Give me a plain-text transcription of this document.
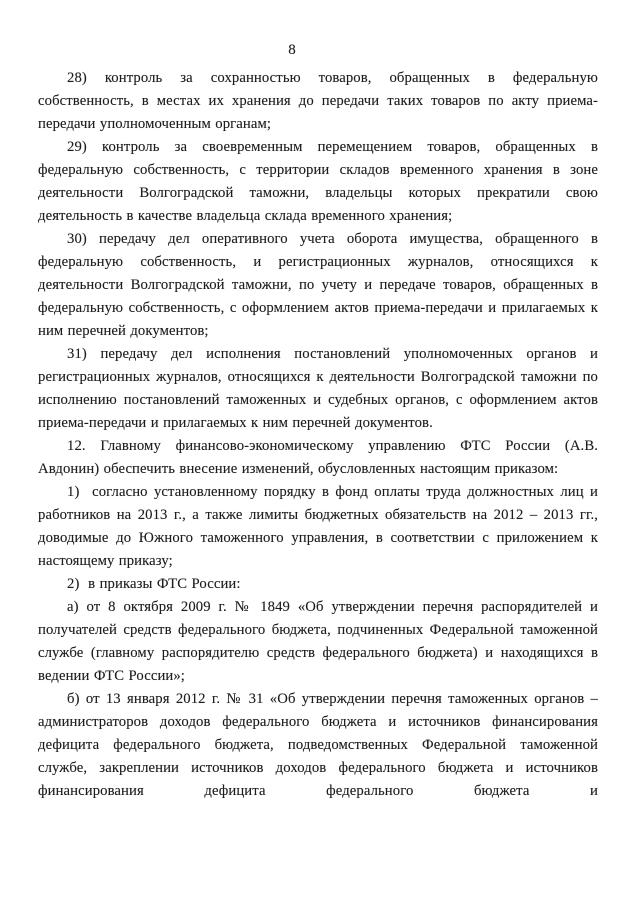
8

28) контроль за сохранностью товаров, обращенных в федеральную собственность, в местах их хранения до передачи таких товаров по акту приема-передачи уполномоченным органам;

29) контроль за своевременным перемещением товаров, обращенных в федеральную собственность, с территории складов временного хранения в зоне деятельности Волгоградской таможни, владельцы которых прекратили свою деятельность в качестве владельца склада временного хранения;

30) передачу дел оперативного учета оборота имущества, обращенного в федеральную собственность, и регистрационных журналов, относящихся к деятельности Волгоградской таможни, по учету и передаче товаров, обращенных в федеральную собственность, с оформлением актов приема-передачи и прилагаемых к ним перечней документов;

31) передачу дел исполнения постановлений уполномоченных органов и регистрационных журналов, относящихся к деятельности Волгоградской таможни по исполнению постановлений таможенных и судебных органов, с оформлением актов приема-передачи и прилагаемых к ним перечней документов.

12. Главному финансово-экономическому управлению ФТС России (А.В. Авдонин) обеспечить внесение изменений, обусловленных настоящим приказом:

1)  согласно установленному порядку в фонд оплаты труда должностных лиц и работников на 2013 г., а также лимиты бюджетных обязательств на 2012 – 2013 гг., доводимые до Южного таможенного управления, в соответствии с приложением к настоящему приказу;

2)  в приказы ФТС России:

а) от 8 октября 2009 г. № 1849 «Об утверждении перечня распорядителей и получателей средств федерального бюджета, подчиненных Федеральной таможенной службе (главному распорядителю средств федерального бюджета) и находящихся в ведении ФТС России»;

б) от 13 января 2012 г. № 31 «Об утверждении перечня таможенных органов – администраторов доходов федерального бюджета и источников финансирования дефицита федерального бюджета, подведомственных Федеральной таможенной службе, закреплении источников доходов федерального бюджета и источников финансирования дефицита федерального бюджета и
